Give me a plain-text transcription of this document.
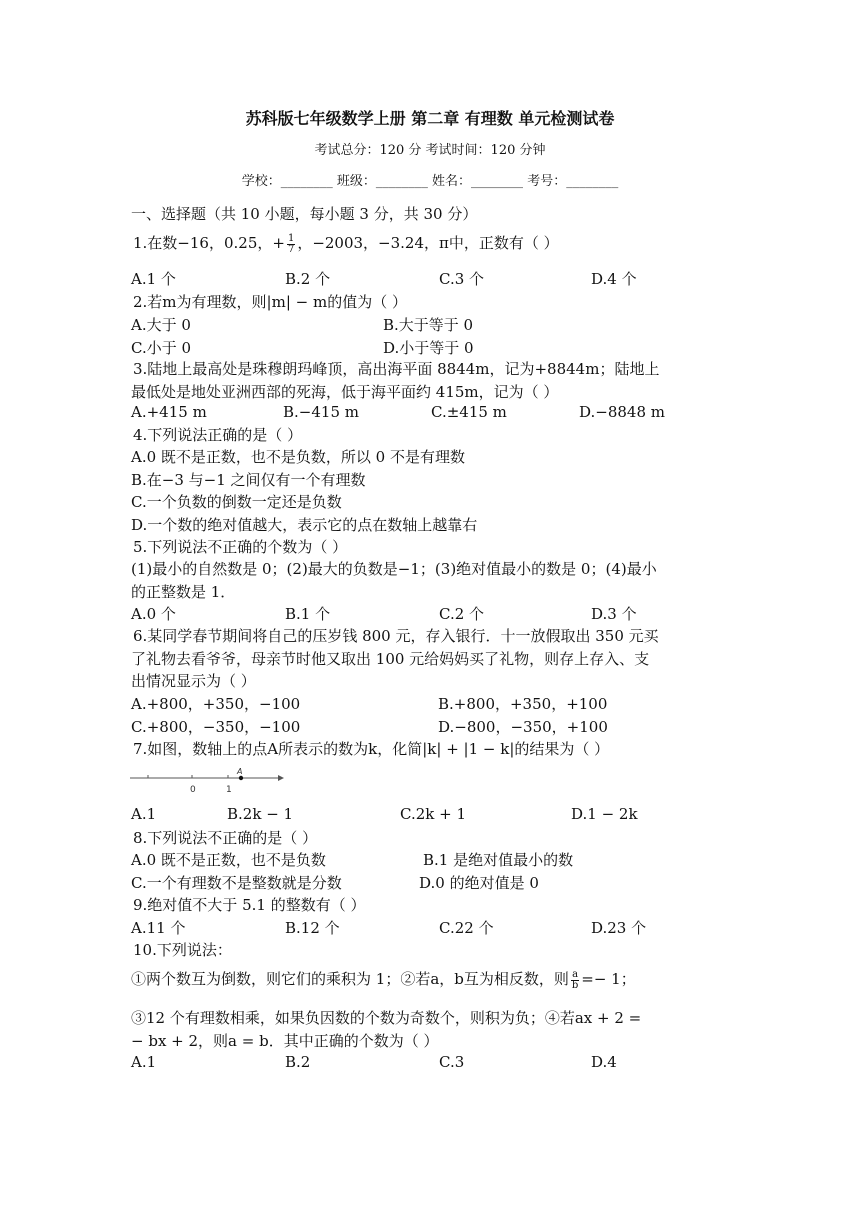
苏科版七年级数学上册 第二章 有理数 单元检测试卷
考试总分：120 分 考试时间：120 分钟
学校：________ 班级：________ 姓名：________ 考号：________
一、选择题（共 10 小题，每小题 3 分，共 30 分）
1.在数−16，0.25，+ $\frac{1}{7}$ ，−2003，−3.24，π中，正数有（ ）
A.1 个	B.2 个	C.3 个	D.4 个
2.若m为有理数，则|m| − m的值为（ ）
A.大于 0	B.大于等于 0
C.小于 0	D.小于等于 0
3.陆地上最高处是珠穆朗玛峰顶，高出海平面 8844m，记为+8844m；陆地上
最低处是地处亚洲西部的死海，低于海平面约 415m，记为（ ）
A.+415 m	B.−415 m	C.±415 m	D.−8848 m
4.下列说法正确的是（ ）
A.0 既不是正数，也不是负数，所以 0 不是有理数
B.在−3 与−1 之间仅有一个有理数
C.一个负数的倒数一定还是负数
D.一个数的绝对值越大，表示它的点在数轴上越靠右
5.下列说法不正确的个数为（ ）
(1)最小的自然数是 0；(2)最大的负数是−1；(3)绝对值最小的数是 0；(4)最小
的正整数是 1．
A.0 个	B.1 个	C.2 个	D.3 个
6.某同学春节期间将自己的压岁钱 800 元，存入银行．十一放假取出 350 元买
了礼物去看爷爷，母亲节时他又取出 100 元给妈妈买了礼物，则存上存入、支
出情况显示为（ ）
A.+800，+350，−100	B.+800，+350，+100
C.+800，−350，−100	D.−800，−350，+100
7.如图，数轴上的点A所表示的数为k，化简|k| + |1 − k|的结果为（ ）
0	1
A
A.1	B.2k − 1	C.2k + 1	D.1 − 2k
8.下列说法不正确的是（ ）
A.0 既不是正数，也不是负数	B.1 是绝对值最小的数
C.一个有理数不是整数就是分数	D.0 的绝对值是 0
9.绝对值不大于 5.1 的整数有（ ）
A.11 个	B.12 个	C.22 个	D.23 个
10.下列说法：
①两个数互为倒数，则它们的乘积为 1；②若a，b互为相反数，则 $\frac{a}{b} =- 1$；
③12 个有理数相乘，如果负因数的个数为奇数个，则积为负；④若ax + 2 =
− bx + 2，则a = b．其中正确的个数为（ ）
A.1	B.2	C.3	D.4
